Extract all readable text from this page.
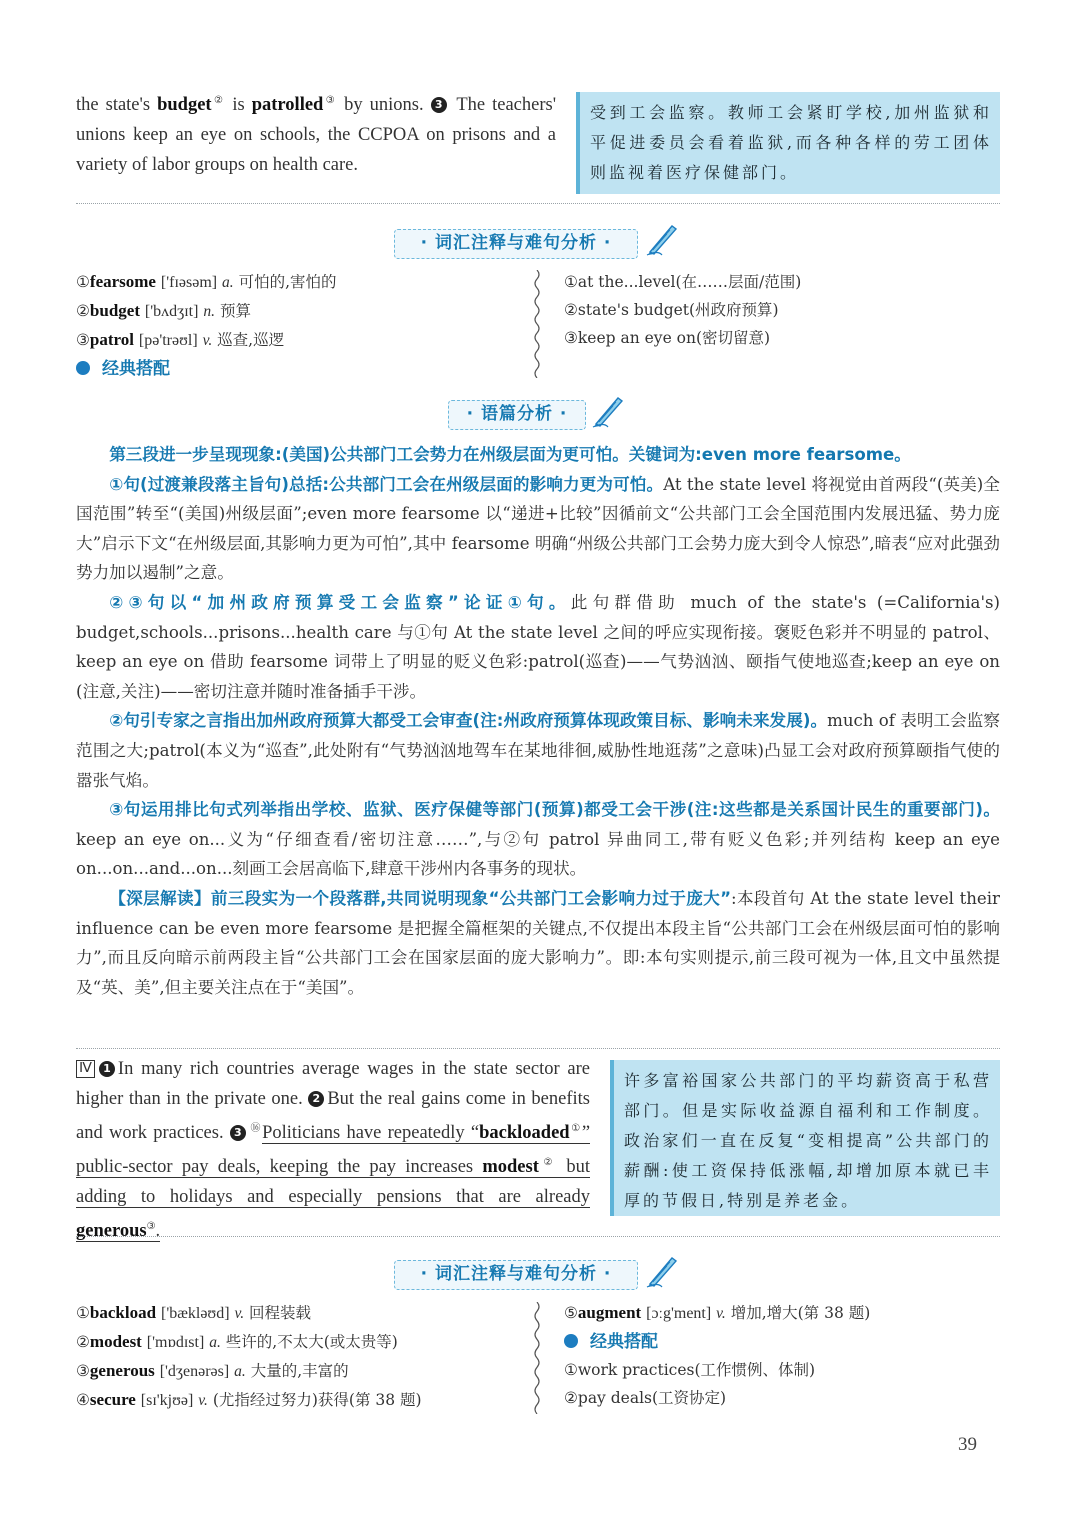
the state's budget② is patrolled③ by unions. 3 The teachers' unions keep an eye on schools, the CCPOA on prisons and a variety of labor groups on health care.
受到工会监察。教师工会紧盯学校,加州监狱和平促进委员会看着监狱,而各种各样的劳工团体则监视着医疗保健部门。
· 词汇注释与难句分析 ·
①fearsome ['fɪəsəm] a. 可怕的,害怕的
②budget ['bʌdʒɪt] n. 预算
③patrol [pə'trəʊl] v. 巡查,巡逻
经典搭配
①at the...level(在……层面/范围)
②state's budget(州政府预算)
③keep an eye on(密切留意)
· 语篇分析 ·

第三段进一步呈现现象:(美国)公共部门工会势力在州级层面为更可怕。关键词为:even more fearsome。

①句(过渡兼段落主旨句)总括:公共部门工会在州级层面的影响力更为可怕。At the state level 将视觉由首两段“(英美)全国范围”转至“(美国)州级层面”;even more fearsome 以“递进+比较”因循前文“公共部门工会全国范围内发展迅猛、势力庞大”启示下文“在州级层面,其影响力更为可怕”,其中 fearsome 明确“州级公共部门工会势力庞大到令人惊恐”,暗表“应对此强劲势力加以遏制”之意。

②③句以“加州政府预算受工会监察”论证①句。此句群借助 much of the state's (=California's) budget,schools...prisons...health care 与①句 At the state level 之间的呼应实现衔接。褒贬色彩并不明显的 patrol、keep an eye on 借助 fearsome 词带上了明显的贬义色彩:patrol(巡查)——气势汹汹、颐指气使地巡查;keep an eye on (注意,关注)——密切注意并随时准备插手干涉。

②句引专家之言指出加州政府预算大都受工会审查(注:州政府预算体现政策目标、影响未来发展)。much of 表明工会监察范围之大;patrol(本义为“巡查”,此处附有“气势汹汹地驾车在某地徘徊,威胁性地逛荡”之意味)凸显工会对政府预算颐指气使的嚣张气焰。

③句运用排比句式列举指出学校、监狱、医疗保健等部门(预算)都受工会干涉(注:这些都是关系国计民生的重要部门)。keep an eye on...义为“仔细查看/密切注意……”,与②句 patrol 异曲同工,带有贬义色彩;并列结构 keep an eye on...on...and...on...刻画工会居高临下,肆意干涉州内各事务的现状。

【深层解读】前三段实为一个段落群,共同说明现象“公共部门工会影响力过于庞大”:本段首句 At the state level their influence can be even more fearsome 是把握全篇框架的关键点,不仅提出本段主旨“公共部门工会在州级层面可怕的影响力”,而且反向暗示前两段主旨“公共部门工会在国家层面的庞大影响力”。即:本句实则提示,前三段可视为一体,且文中虽然提及“英、美”,但主要关注点在于“美国”。

Ⅳ 1 In many rich countries average wages in the state sector are higher than in the private one. 2 But the real gains come in benefits and work practices. 3 ⑯Politicians have repeatedly “backloaded①” public-sector pay deals, keeping the pay increases modest② but adding to holidays and especially pensions that are already generous③.
许多富裕国家公共部门的平均薪资高于私营部门。但是实际收益源自福利和工作制度。政治家们一直在反复“变相提高”公共部门的薪酬:使工资保持低涨幅,却增加原本就已丰厚的节假日,特别是养老金。
· 词汇注释与难句分析 ·
①backload ['bækləʊd] v. 回程装载
②modest ['mɒdɪst] a. 些许的,不太大(或太贵等)
③generous ['dʒenərəs] a. 大量的,丰富的
④secure [sɪ'kjʊə] v. (尤指经过努力)获得(第 38 题)
⑤augment [ɔːg'ment] v. 增加,增大(第 38 题)
经典搭配
①work practices(工作惯例、体制)
②pay deals(工资协定)
39
